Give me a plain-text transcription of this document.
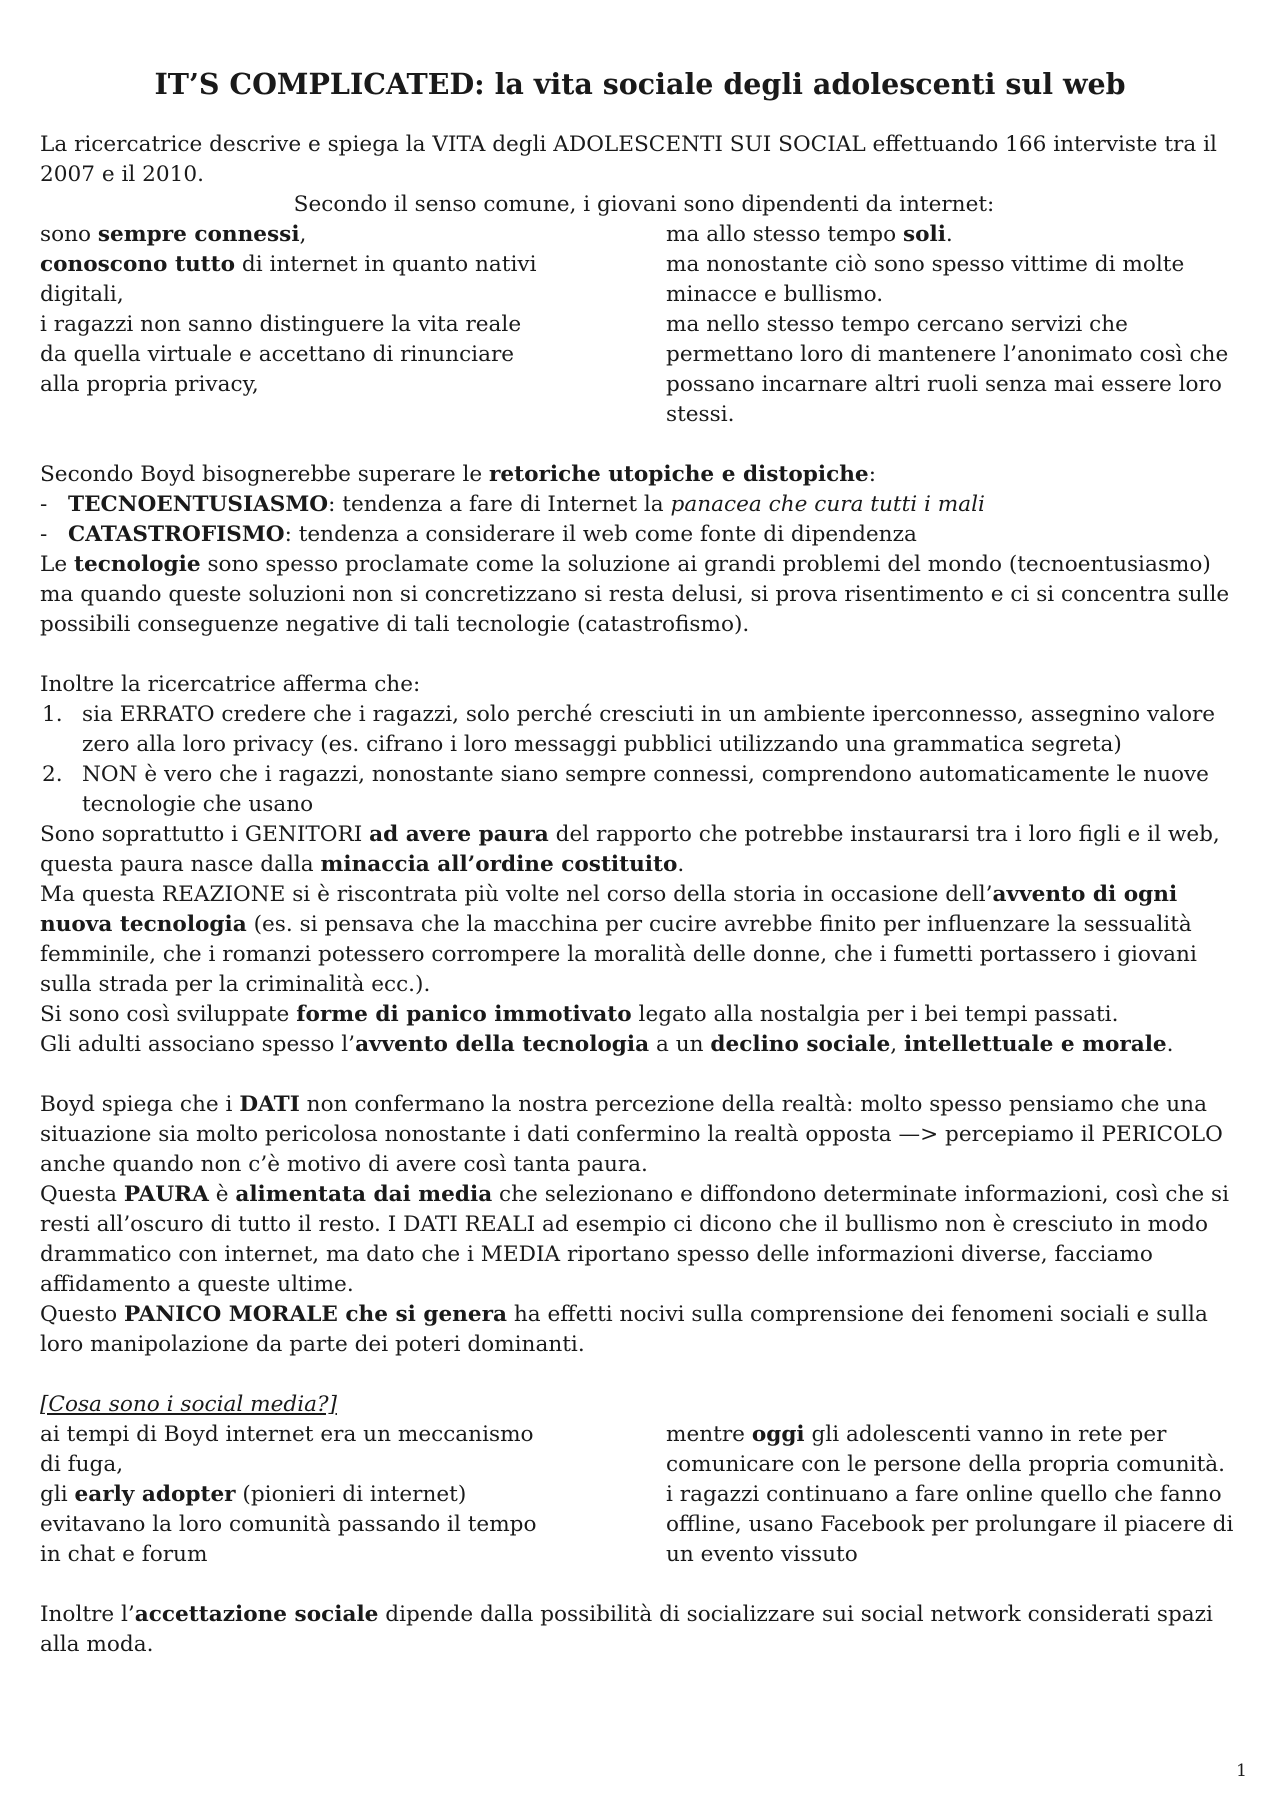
IT’S COMPLICATED: la vita sociale degli adolescenti sul web

La ricercatrice descrive e spiega la VITA degli ADOLESCENTI SUI SOCIAL effettuando 166 interviste tra il 2007 e il 2010.

Secondo il senso comune, i giovani sono dipendenti da internet:

sono sempre connessi,

conoscono tutto di internet in quanto nativi digitali,

i ragazzi non sanno distinguere la vita reale da quella virtuale e accettano di rinunciare alla propria privacy,

ma allo stesso tempo soli.

ma nonostante ciò sono spesso vittime di molte minacce e bullismo.

ma nello stesso tempo cercano servizi che permettano loro di mantenere l’anonimato così che possano incarnare altri ruoli senza mai essere loro stessi.

Secondo Boyd bisognerebbe superare le retoriche utopiche e distopiche:

- TECNOENTUSIASMO: tendenza a fare di Internet la panacea che cura tutti i mali
- CATASTROFISMO: tendenza a considerare il web come fonte di dipendenza

Le tecnologie sono spesso proclamate come la soluzione ai grandi problemi del mondo (tecnoentusiasmo) ma quando queste soluzioni non si concretizzano si resta delusi, si prova risentimento e ci si concentra sulle possibili conseguenze negative di tali tecnologie (catastrofismo).

Inoltre la ricercatrice afferma che:

1. sia ERRATO credere che i ragazzi, solo perché cresciuti in un ambiente iperconnesso, assegnino valore zero alla loro privacy (es. cifrano i loro messaggi pubblici utilizzando una grammatica segreta)
2. NON è vero che i ragazzi, nonostante siano sempre connessi, comprendono automaticamente le nuove tecnologie che usano

Sono soprattutto i GENITORI ad avere paura del rapporto che potrebbe instaurarsi tra i loro figli e il web, questa paura nasce dalla minaccia all’ordine costituito.

Ma questa REAZIONE si è riscontrata più volte nel corso della storia in occasione dell’avvento di ogni nuova tecnologia (es. si pensava che la macchina per cucire avrebbe finito per influenzare la sessualità femminile, che i romanzi potessero corrompere la moralità delle donne, che i fumetti portassero i giovani sulla strada per la criminalità ecc.).

Si sono così sviluppate forme di panico immotivato legato alla nostalgia per i bei tempi passati.

Gli adulti associano spesso l’avvento della tecnologia a un declino sociale, intellettuale e morale.

Boyd spiega che i DATI non confermano la nostra percezione della realtà: molto spesso pensiamo che una situazione sia molto pericolosa nonostante i dati confermino la realtà opposta —> percepiamo il PERICOLO anche quando non c’è motivo di avere così tanta paura.

Questa PAURA è alimentata dai media che selezionano e diffondono determinate informazioni, così che si resti all’oscuro di tutto il resto. I DATI REALI ad esempio ci dicono che il bullismo non è cresciuto in modo drammatico con internet, ma dato che i MEDIA riportano spesso delle informazioni diverse, facciamo affidamento a queste ultime.

Questo PANICO MORALE che si genera ha effetti nocivi sulla comprensione dei fenomeni sociali e sulla loro manipolazione da parte dei poteri dominanti.

[Cosa sono i social media?]

ai tempi di Boyd internet era un meccanismo di fuga,

gli early adopter (pionieri di internet) evitavano la loro comunità passando il tempo in chat e forum

mentre oggi gli adolescenti vanno in rete per comunicare con le persone della propria comunità.

i ragazzi continuano a fare online quello che fanno offline, usano Facebook per prolungare il piacere di un evento vissuto

Inoltre l’accettazione sociale dipende dalla possibilità di socializzare sui social network considerati spazi alla moda.

1
